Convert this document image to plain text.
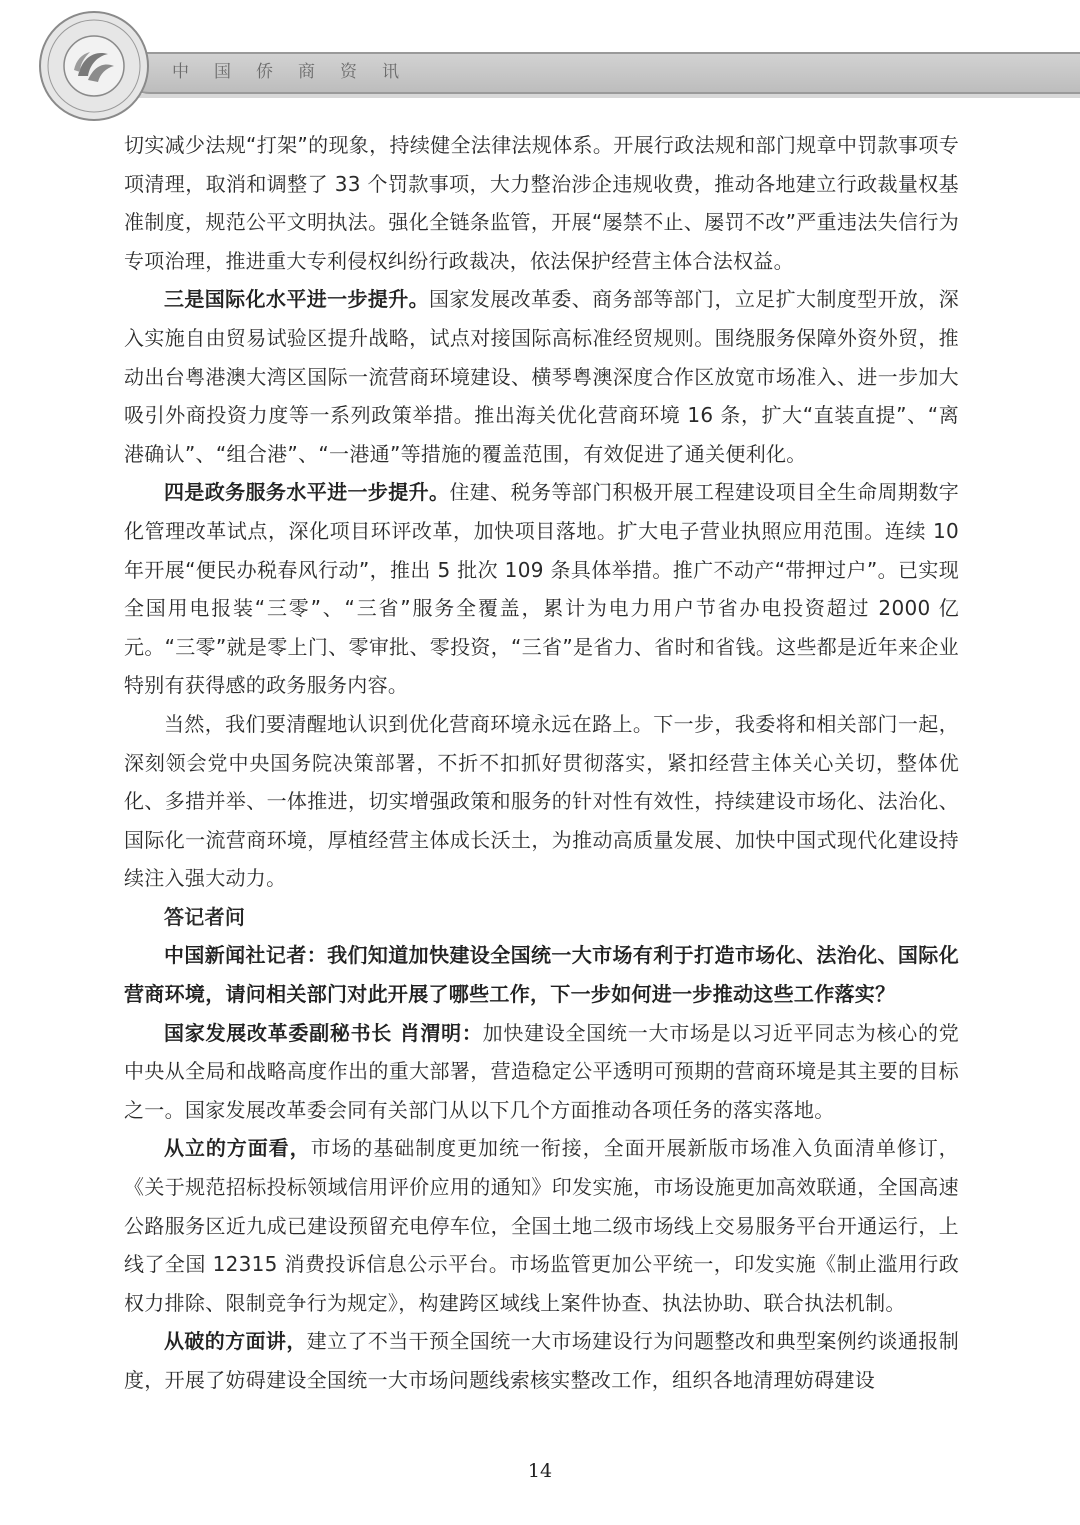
中国侨商资讯

切实减少法规“打架”的现象，持续健全法律法规体系。开展行政法规和部门规章中罚款事项专项清理，取消和调整了 33 个罚款事项，大力整治涉企违规收费，推动各地建立行政裁量权基准制度，规范公平文明执法。强化全链条监管，开展“屡禁不止、屡罚不改”严重违法失信行为专项治理，推进重大专利侵权纠纷行政裁决，依法保护经营主体合法权益。

三是国际化水平进一步提升。国家发展改革委、商务部等部门，立足扩大制度型开放，深入实施自由贸易试验区提升战略，试点对接国际高标准经贸规则。围绕服务保障外资外贸，推动出台粤港澳大湾区国际一流营商环境建设、横琴粤澳深度合作区放宽市场准入、进一步加大吸引外商投资力度等一系列政策举措。推出海关优化营商环境 16 条，扩大“直装直提”、“离港确认”、“组合港”、“一港通”等措施的覆盖范围，有效促进了通关便利化。

四是政务服务水平进一步提升。住建、税务等部门积极开展工程建设项目全生命周期数字化管理改革试点，深化项目环评改革，加快项目落地。扩大电子营业执照应用范围。连续 10 年开展“便民办税春风行动”，推出 5 批次 109 条具体举措。推广不动产“带押过户”。已实现全国用电报装“三零”、“三省”服务全覆盖，累计为电力用户节省办电投资超过 2000 亿元。“三零”就是零上门、零审批、零投资，“三省”是省力、省时和省钱。这些都是近年来企业特别有获得感的政务服务内容。

当然，我们要清醒地认识到优化营商环境永远在路上。下一步，我委将和相关部门一起，深刻领会党中央国务院决策部署，不折不扣抓好贯彻落实，紧扣经营主体关心关切，整体优化、多措并举、一体推进，切实增强政策和服务的针对性有效性，持续建设市场化、法治化、国际化一流营商环境，厚植经营主体成长沃土，为推动高质量发展、加快中国式现代化建设持续注入强大动力。

答记者问

中国新闻社记者：我们知道加快建设全国统一大市场有利于打造市场化、法治化、国际化营商环境，请问相关部门对此开展了哪些工作，下一步如何进一步推动这些工作落实？

国家发展改革委副秘书长 肖渭明：加快建设全国统一大市场是以习近平同志为核心的党中央从全局和战略高度作出的重大部署，营造稳定公平透明可预期的营商环境是其主要的目标之一。国家发展改革委会同有关部门从以下几个方面推动各项任务的落实落地。

从立的方面看，市场的基础制度更加统一衔接，全面开展新版市场准入负面清单修订，《关于规范招标投标领域信用评价应用的通知》印发实施，市场设施更加高效联通，全国高速公路服务区近九成已建设预留充电停车位，全国土地二级市场线上交易服务平台开通运行，上线了全国 12315 消费投诉信息公示平台。市场监管更加公平统一，印发实施《制止滥用行政权力排除、限制竞争行为规定》，构建跨区域线上案件协查、执法协助、联合执法机制。

从破的方面讲，建立了不当干预全国统一大市场建设行为问题整改和典型案例约谈通报制度，开展了妨碍建设全国统一大市场问题线索核实整改工作，组织各地清理妨碍建设

14
